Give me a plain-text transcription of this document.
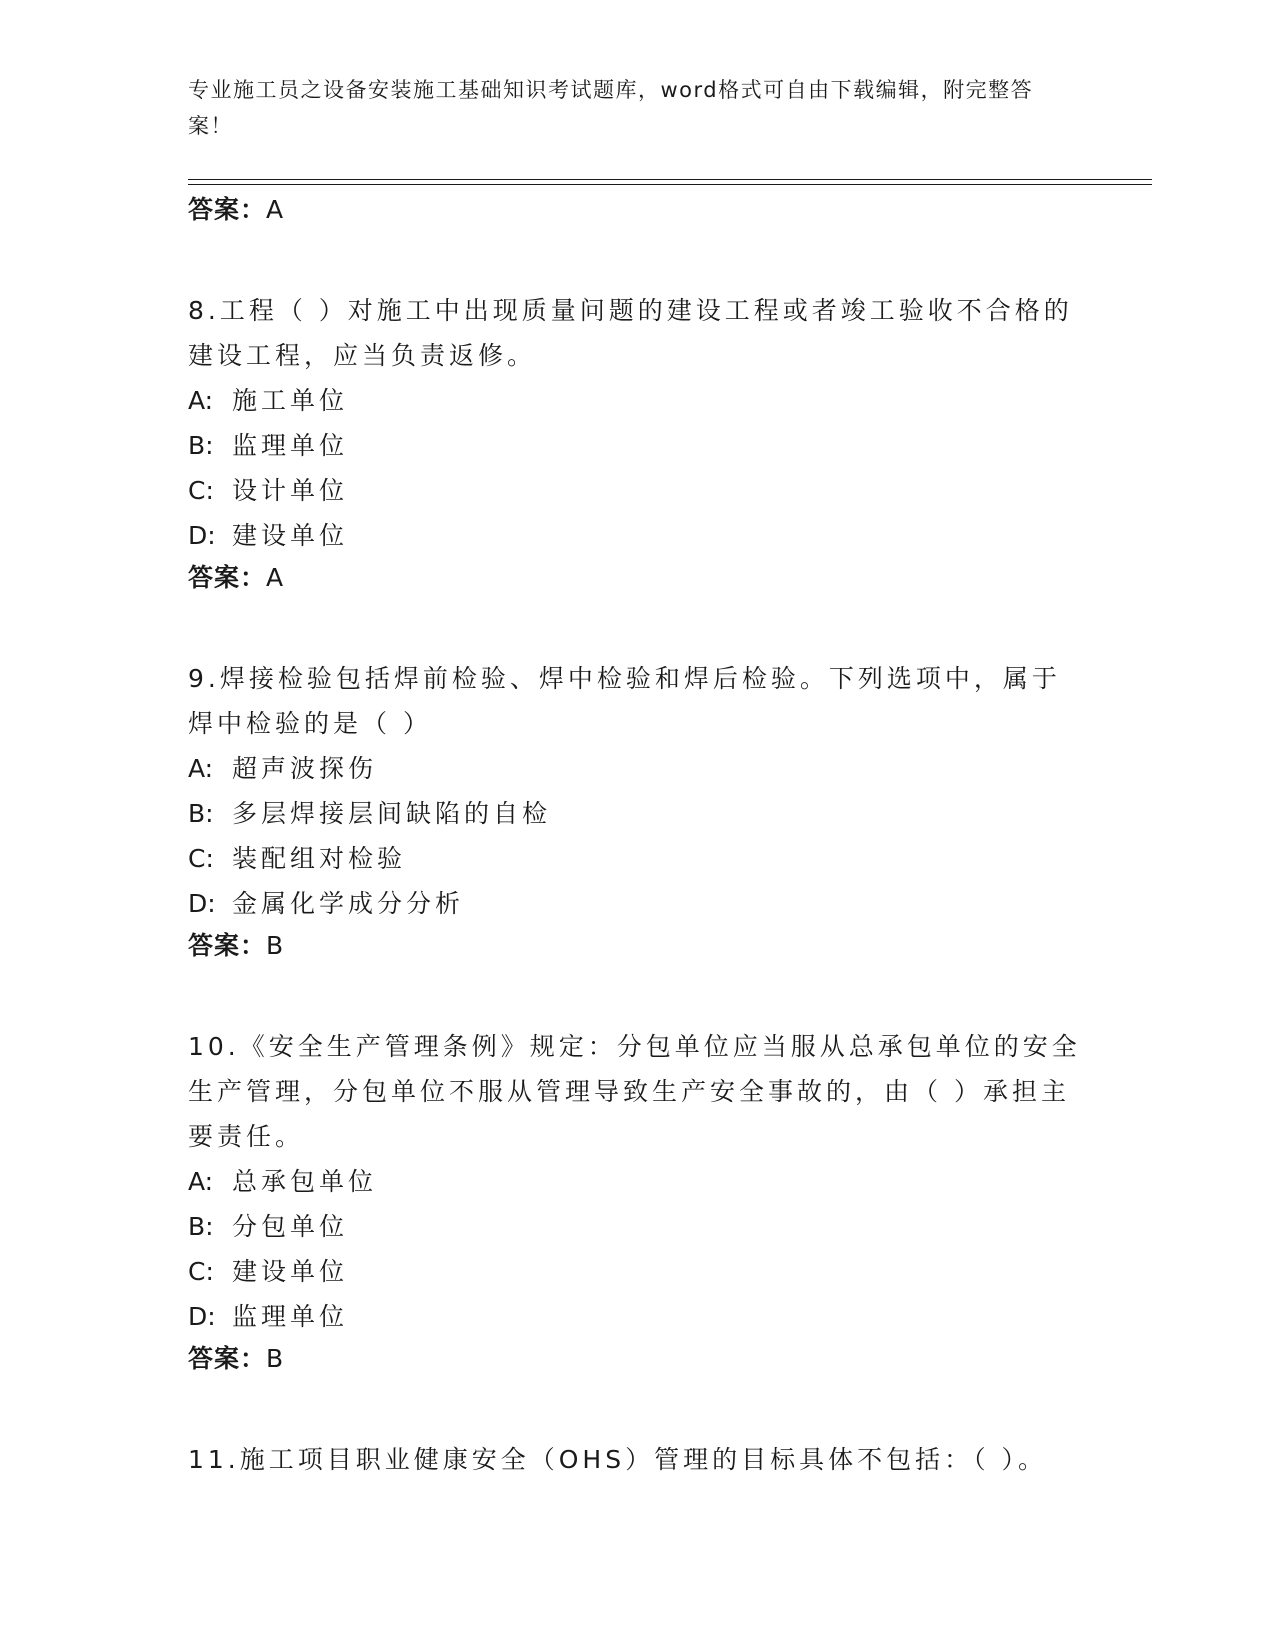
专业施工员之设备安装施工基础知识考试题库，word格式可自由下载编辑，附完整答案！
答案：A
8.工程（ ）对施工中出现质量问题的建设工程或者竣工验收不合格的建设工程，应当负责返修。
A: 施工单位
B: 监理单位
C: 设计单位
D: 建设单位
答案：A
9.焊接检验包括焊前检验、焊中检验和焊后检验。下列选项中，属于焊中检验的是（ ）
A: 超声波探伤
B: 多层焊接层间缺陷的自检
C: 装配组对检验
D: 金属化学成分分析
答案：B
10.《安全生产管理条例》规定：分包单位应当服从总承包单位的安全生产管理，分包单位不服从管理导致生产安全事故的，由（ ）承担主要责任。
A: 总承包单位
B: 分包单位
C: 建设单位
D: 监理单位
答案：B
11.施工项目职业健康安全（OHS）管理的目标具体不包括：（ ）。
